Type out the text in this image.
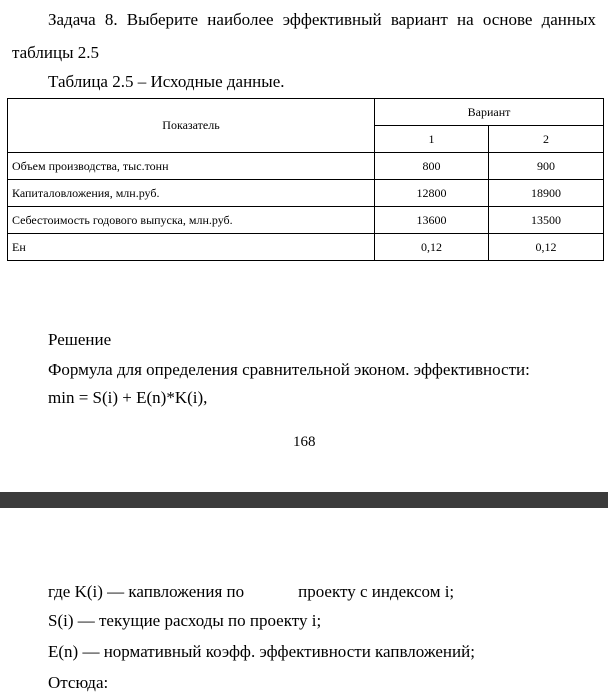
Задача 8. Выберите наиболее эффективный вариант на основе данных
таблицы 2.5
Таблица 2.5 – Исходные данные.
Показатель	Вариант	
	1	2
Объем производства, тыс.тонн	800	900
Капиталовложения, млн.руб.	12800	18900
Себестоимость годового выпуска, млн.руб.	13600	13500
Ен	0,12	0,12
Решение
Формула для определения сравнительной эконом. эффективности:
min = S(i) + E(n)*K(i),
168
где K(i) — капвложения по	проекту с индексом i;
S(i) — текущие расходы по проекту i;
E(n) — нормативный коэфф. эффективности капвложений;
Отсюда:
